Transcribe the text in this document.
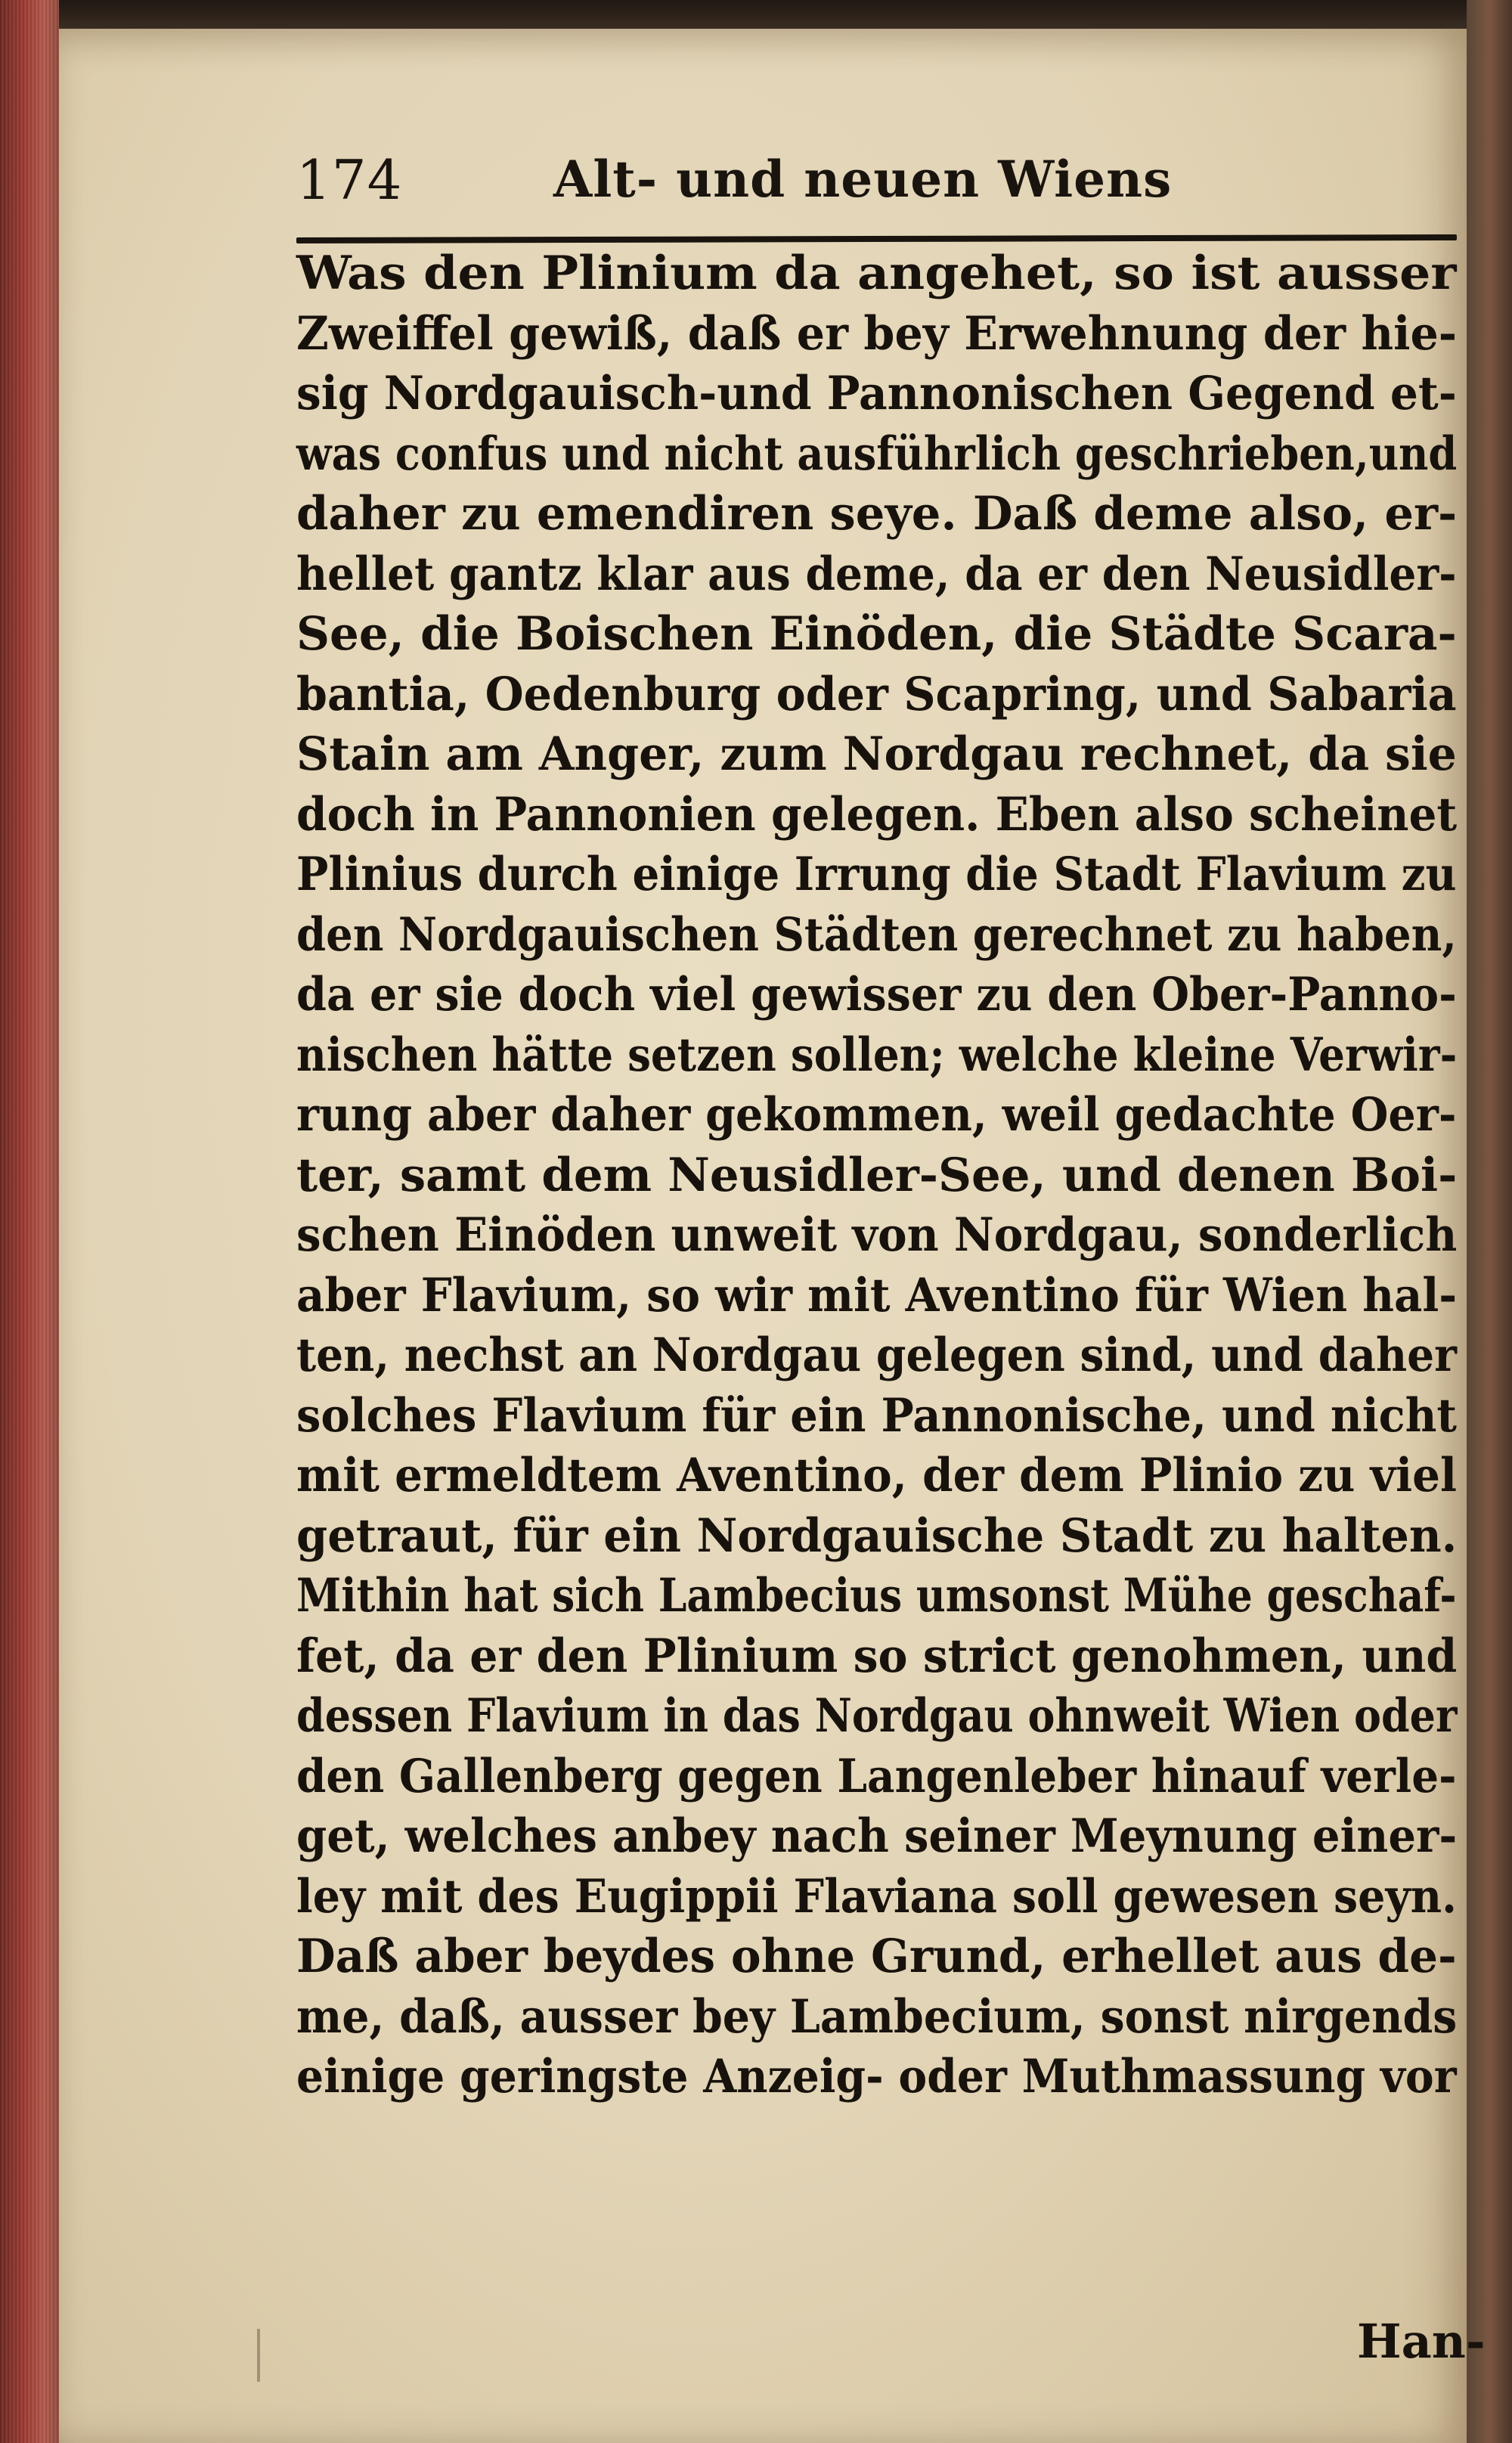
174	Alt- und neuen Wiens
Was den Plinium da angehet, so ist ausser
Zweiffel gewiß, daß er bey Erwehnung der hie-
sig Nordgauisch-und Pannonischen Gegend et-
was confus und nicht ausführlich geschrieben,und
daher zu emendiren seye. Daß deme also, er-
hellet gantz klar aus deme, da er den Neusidler-
See, die Boischen Einöden, die Städte Scara-
bantia, Oedenburg oder Scapring, und Sabaria
Stain am Anger, zum Nordgau rechnet, da sie
doch in Pannonien gelegen. Eben also scheinet
Plinius durch einige Irrung die Stadt Flavium zu
den Nordgauischen Städten gerechnet zu haben,
da er sie doch viel gewisser zu den Ober-Panno-
nischen hätte setzen sollen; welche kleine Verwir-
rung aber daher gekommen, weil gedachte Oer-
ter, samt dem Neusidler-See, und denen Boi-
schen Einöden unweit von Nordgau, sonderlich
aber Flavium, so wir mit Aventino für Wien hal-
ten, nechst an Nordgau gelegen sind, und daher
solches Flavium für ein Pannonische, und nicht
mit ermeldtem Aventino, der dem Plinio zu viel
getraut, für ein Nordgauische Stadt zu halten.
Mithin hat sich Lambecius umsonst Mühe geschaf-
fet, da er den Plinium so strict genohmen, und
dessen Flavium in das Nordgau ohnweit Wien oder
den Gallenberg gegen Langenleber hinauf verle-
get, welches anbey nach seiner Meynung einer-
ley mit des Eugippii Flaviana soll gewesen seyn.
Daß aber beydes ohne Grund, erhellet aus de-
me, daß, ausser bey Lambecium, sonst nirgends
einige geringste Anzeig- oder Muthmassung vor
Han-
